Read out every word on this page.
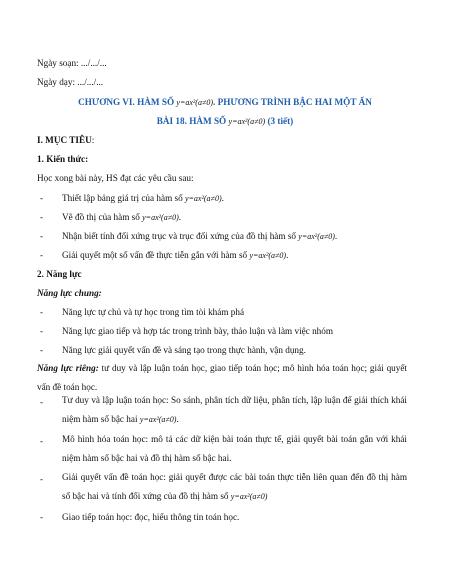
Ngày soạn: .../.../...
Ngày dạy: .../.../...
CHƯƠNG VI. HÀM SỐ y=ax²(a≠0). PHƯƠNG TRÌNH BẬC HAI MỘT ẨN
BÀI 18. HÀM SỐ y=ax²(a≠0) (3 tiết)
I. MỤC TIÊU:
1. Kiến thức:
Học xong bài này, HS đạt các yêu cầu sau:
- Thiết lập bảng giá trị của hàm số y=ax²(a≠0).
- Vẽ đồ thị của hàm số y=ax²(a≠0).
- Nhận biết tính đối xứng trục và trục đối xứng của đồ thị hàm số y=ax²(a≠0).
- Giải quyết một số vấn đề thực tiễn gắn với hàm số y=ax²(a≠0).
2. Năng lực
Năng lực chung:
- Năng lực tự chủ và tự học trong tìm tòi khám phá
- Năng lực giao tiếp và hợp tác trong trình bày, thảo luận và làm việc nhóm
- Năng lực giải quyết vấn đề và sáng tạo trong thực hành, vận dụng.
Năng lực riêng: tư duy và lập luận toán học, giao tiếp toán học; mô hình hóa toán học; giải quyết vấn đề toán học.
- Tư duy và lập luận toán học: So sánh, phân tích dữ liệu, phân tích, lập luận để giải thích khái niệm hàm số bậc hai y=ax²(a≠0).
- Mô hình hóa toán học: mô tả các dữ kiện bài toán thực tế, giải quyết bài toán gắn với khái niệm hàm số bậc hai và đồ thị hàm số bậc hai.
- Giải quyết vấn đề toán học: giải quyết được các bài toán thực tiễn liên quan đến đồ thị hàm số bậc hai và tính đối xứng của đồ thị hàm số y=ax²(a≠0)
- Giao tiếp toán học: đọc, hiểu thông tin toán học.
